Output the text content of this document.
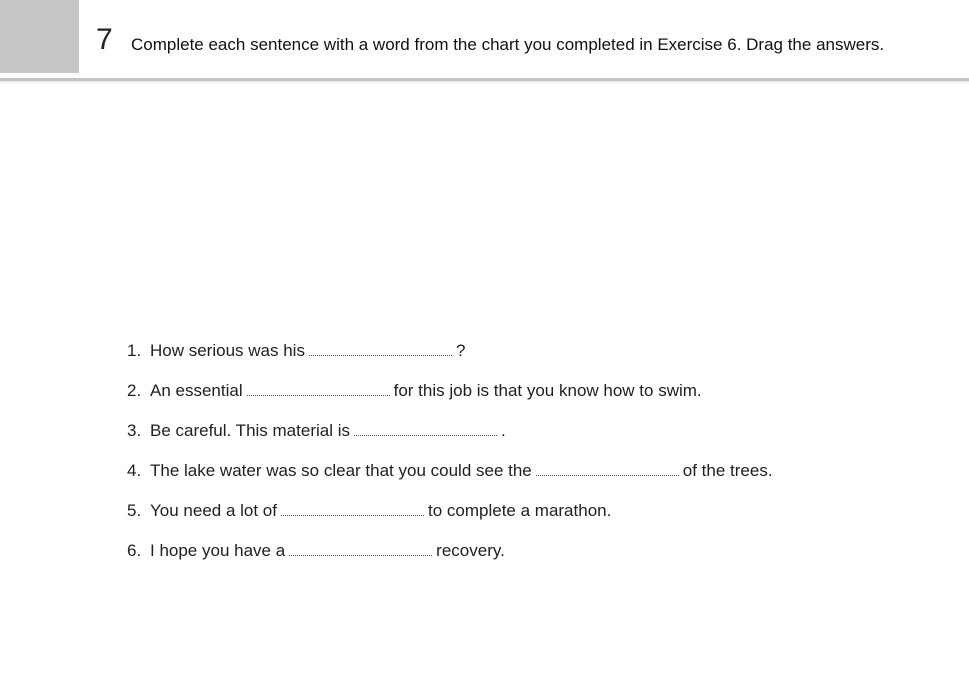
7 Complete each sentence with a word from the chart you completed in Exercise 6. Drag the answers.
1. How serious was his	?
2. An essential	for this job is that you know how to swim.
3. Be careful. This material is	.
4. The lake water was so clear that you could see the	of the trees.
5. You need a lot of	to complete a marathon.
6. I hope you have a	recovery.
